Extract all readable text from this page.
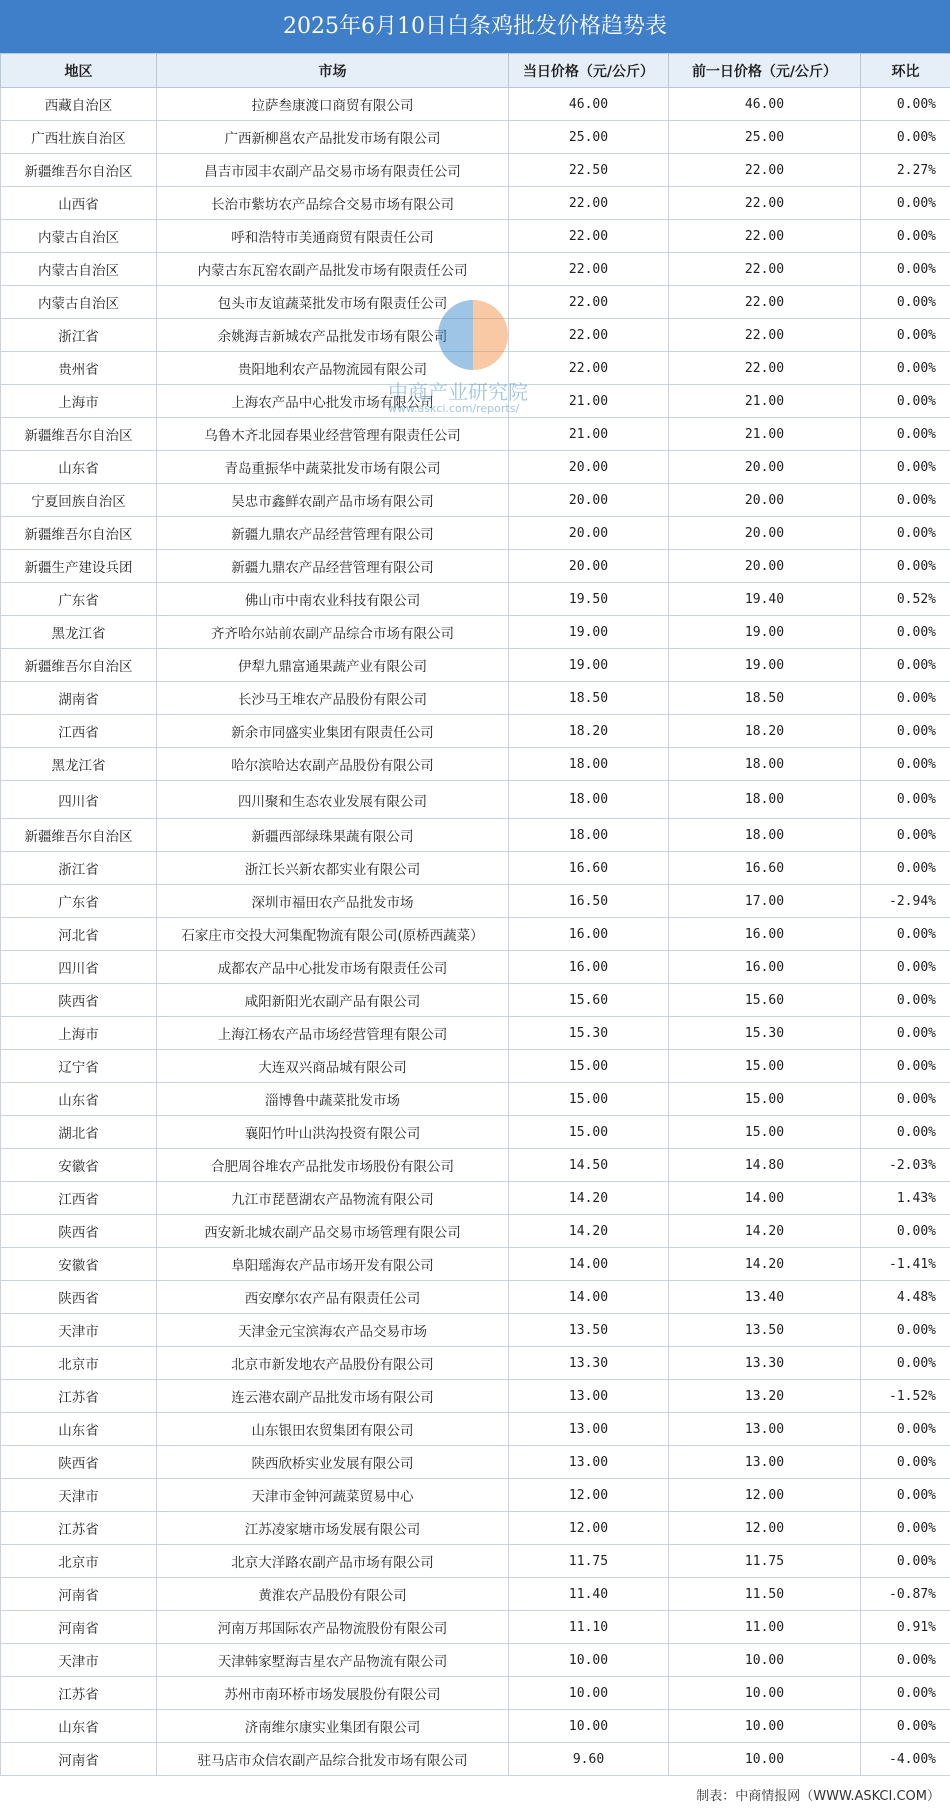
2025年6月10日白条鸡批发价格趋势表
地区	市场	当日价格（元/公斤）	前一日价格（元/公斤）	环比
西藏自治区	拉萨叁康渡口商贸有限公司	46.00	46.00	0.00%
广西壮族自治区	广西新柳邕农产品批发市场有限公司	25.00	25.00	0.00%
新疆维吾尔自治区	昌吉市园丰农副产品交易市场有限责任公司	22.50	22.00	2.27%
山西省	长治市紫坊农产品综合交易市场有限公司	22.00	22.00	0.00%
内蒙古自治区	呼和浩特市美通商贸有限责任公司	22.00	22.00	0.00%
内蒙古自治区	内蒙古东瓦窑农副产品批发市场有限责任公司	22.00	22.00	0.00%
内蒙古自治区	包头市友谊蔬菜批发市场有限责任公司	22.00	22.00	0.00%
浙江省	余姚海吉新城农产品批发市场有限公司	22.00	22.00	0.00%
贵州省	贵阳地利农产品物流园有限公司	22.00	22.00	0.00%
上海市	上海农产品中心批发市场有限公司	21.00	21.00	0.00%
新疆维吾尔自治区	乌鲁木齐北园春果业经营管理有限责任公司	21.00	21.00	0.00%
山东省	青岛重振华中蔬菜批发市场有限公司	20.00	20.00	0.00%
宁夏回族自治区	吴忠市鑫鲜农副产品市场有限公司	20.00	20.00	0.00%
新疆维吾尔自治区	新疆九鼎农产品经营管理有限公司	20.00	20.00	0.00%
新疆生产建设兵团	新疆九鼎农产品经营管理有限公司	20.00	20.00	0.00%
广东省	佛山市中南农业科技有限公司	19.50	19.40	0.52%
黑龙江省	齐齐哈尔站前农副产品综合市场有限公司	19.00	19.00	0.00%
新疆维吾尔自治区	伊犁九鼎富通果蔬产业有限公司	19.00	19.00	0.00%
湖南省	长沙马王堆农产品股份有限公司	18.50	18.50	0.00%
江西省	新余市同盛实业集团有限责任公司	18.20	18.20	0.00%
黑龙江省	哈尔滨哈达农副产品股份有限公司	18.00	18.00	0.00%
四川省	四川聚和生态农业发展有限公司	18.00	18.00	0.00%
新疆维吾尔自治区	新疆西部绿珠果蔬有限公司	18.00	18.00	0.00%
浙江省	浙江长兴新农都实业有限公司	16.60	16.60	0.00%
广东省	深圳市福田农产品批发市场	16.50	17.00	-2.94%
河北省	石家庄市交投大河集配物流有限公司(原桥西蔬菜）	16.00	16.00	0.00%
四川省	成都农产品中心批发市场有限责任公司	16.00	16.00	0.00%
陕西省	咸阳新阳光农副产品有限公司	15.60	15.60	0.00%
上海市	上海江杨农产品市场经营管理有限公司	15.30	15.30	0.00%
辽宁省	大连双兴商品城有限公司	15.00	15.00	0.00%
山东省	淄博鲁中蔬菜批发市场	15.00	15.00	0.00%
湖北省	襄阳竹叶山洪沟投资有限公司	15.00	15.00	0.00%
安徽省	合肥周谷堆农产品批发市场股份有限公司	14.50	14.80	-2.03%
江西省	九江市琵琶湖农产品物流有限公司	14.20	14.00	1.43%
陕西省	西安新北城农副产品交易市场管理有限公司	14.20	14.20	0.00%
安徽省	阜阳瑶海农产品市场开发有限公司	14.00	14.20	-1.41%
陕西省	西安摩尔农产品有限责任公司	14.00	13.40	4.48%
天津市	天津金元宝滨海农产品交易市场	13.50	13.50	0.00%
北京市	北京市新发地农产品股份有限公司	13.30	13.30	0.00%
江苏省	连云港农副产品批发市场有限公司	13.00	13.20	-1.52%
山东省	山东银田农贸集团有限公司	13.00	13.00	0.00%
陕西省	陕西欣桥实业发展有限公司	13.00	13.00	0.00%
天津市	天津市金钟河蔬菜贸易中心	12.00	12.00	0.00%
江苏省	江苏凌家塘市场发展有限公司	12.00	12.00	0.00%
北京市	北京大洋路农副产品市场有限公司	11.75	11.75	0.00%
河南省	黄淮农产品股份有限公司	11.40	11.50	-0.87%
河南省	河南万邦国际农产品物流股份有限公司	11.10	11.00	0.91%
天津市	天津韩家墅海吉星农产品物流有限公司	10.00	10.00	0.00%
江苏省	苏州市南环桥市场发展股份有限公司	10.00	10.00	0.00%
山东省	济南维尔康实业集团有限公司	10.00	10.00	0.00%
河南省	驻马店市众信农副产品综合批发市场有限公司	9.60	10.00	-4.00%
中商产业研究院
www.askci.com/reports/
制表：中商情报网（WWW.ASKCI.COM）
